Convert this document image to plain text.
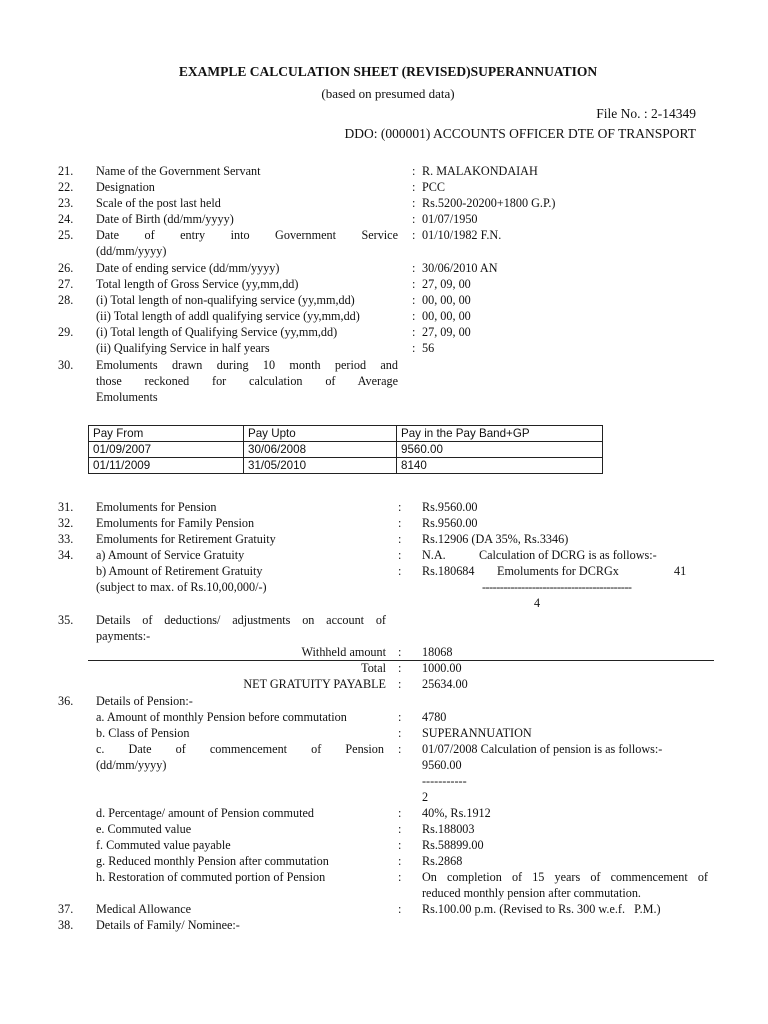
EXAMPLE CALCULATION SHEET (REVISED)SUPERANNUATION
(based on presumed data)
File No. : 2-14349
DDO: (000001) ACCOUNTS OFFICER DTE OF TRANSPORT
21. Name of the Government Servant	: R. MALAKONDAIAH
22. Designation	: PCC
23. Scale of the post last held	: Rs.5200-20200+1800 G.P.)
24. Date of Birth (dd/mm/yyyy)	: 01/07/1950
25. Date of entry into Government Service
(dd/mm/yyyy)
: 01/10/1982 F.N.
26. Date of ending service (dd/mm/yyyy)	: 30/06/2010 AN
27. Total length of Gross Service (yy,mm,dd)	: 27, 09, 00
28. (i) Total length of non-qualifying service (yy,mm,dd)	: 00, 00, 00
(ii) Total length of addl qualifying service (yy,mm,dd)	: 00, 00, 00
29. (i) Total length of Qualifying Service (yy,mm,dd)	: 27, 09, 00
(ii) Qualifying Service in half years	: 56
30. Emoluments drawn during 10 month period and
those reckoned for calculation of Average
Emoluments
Pay From	Pay Upto	Pay in the Pay Band+GP
01/09/2007	30/06/2008	9560.00
01/11/2009	31/05/2010	8140
31. Emoluments for Pension	: Rs.9560.00
32. Emoluments for Family Pension	: Rs.9560.00
33. Emoluments for Retirement Gratuity	: Rs.12906 (DA 35%, Rs.3346)
34. a) Amount of Service Gratuity	: N.A.	Calculation of DCRG is as follows:-
b) Amount of Retirement Gratuity	: Rs.180684 Emoluments for DCRGx	41
(subject to max. of Rs.10,00,000/-)	------------------------------------------
4
35. Details of deductions/ adjustments on account of
payments:-
Withheld amount : 18068
Total : 1000.00
NET GRATUITY PAYABLE : 25634.00
36. Details of Pension:-
a. Amount of monthly Pension before commutation	: 4780
b. Class of Pension	: SUPERANNUATION
c. Date of commencement of Pension
(dd/mm/yyyy)
: 01/07/2008 Calculation of pension is as follows:-
9560.00
-----------
2
d. Percentage/ amount of Pension commuted	: 40%, Rs.1912
e. Commuted value	: Rs.188003
f. Commuted value payable	: Rs.58899.00
g. Reduced monthly Pension after commutation	: Rs.2868
h. Restoration of commuted portion of Pension	: On completion of 15 years of commencement of
reduced monthly pension after commutation.
37. Medical Allowance	: Rs.100.00 p.m. (Revised to Rs. 300 w.e.f.   P.M.)
38. Details of Family/ Nominee:-
